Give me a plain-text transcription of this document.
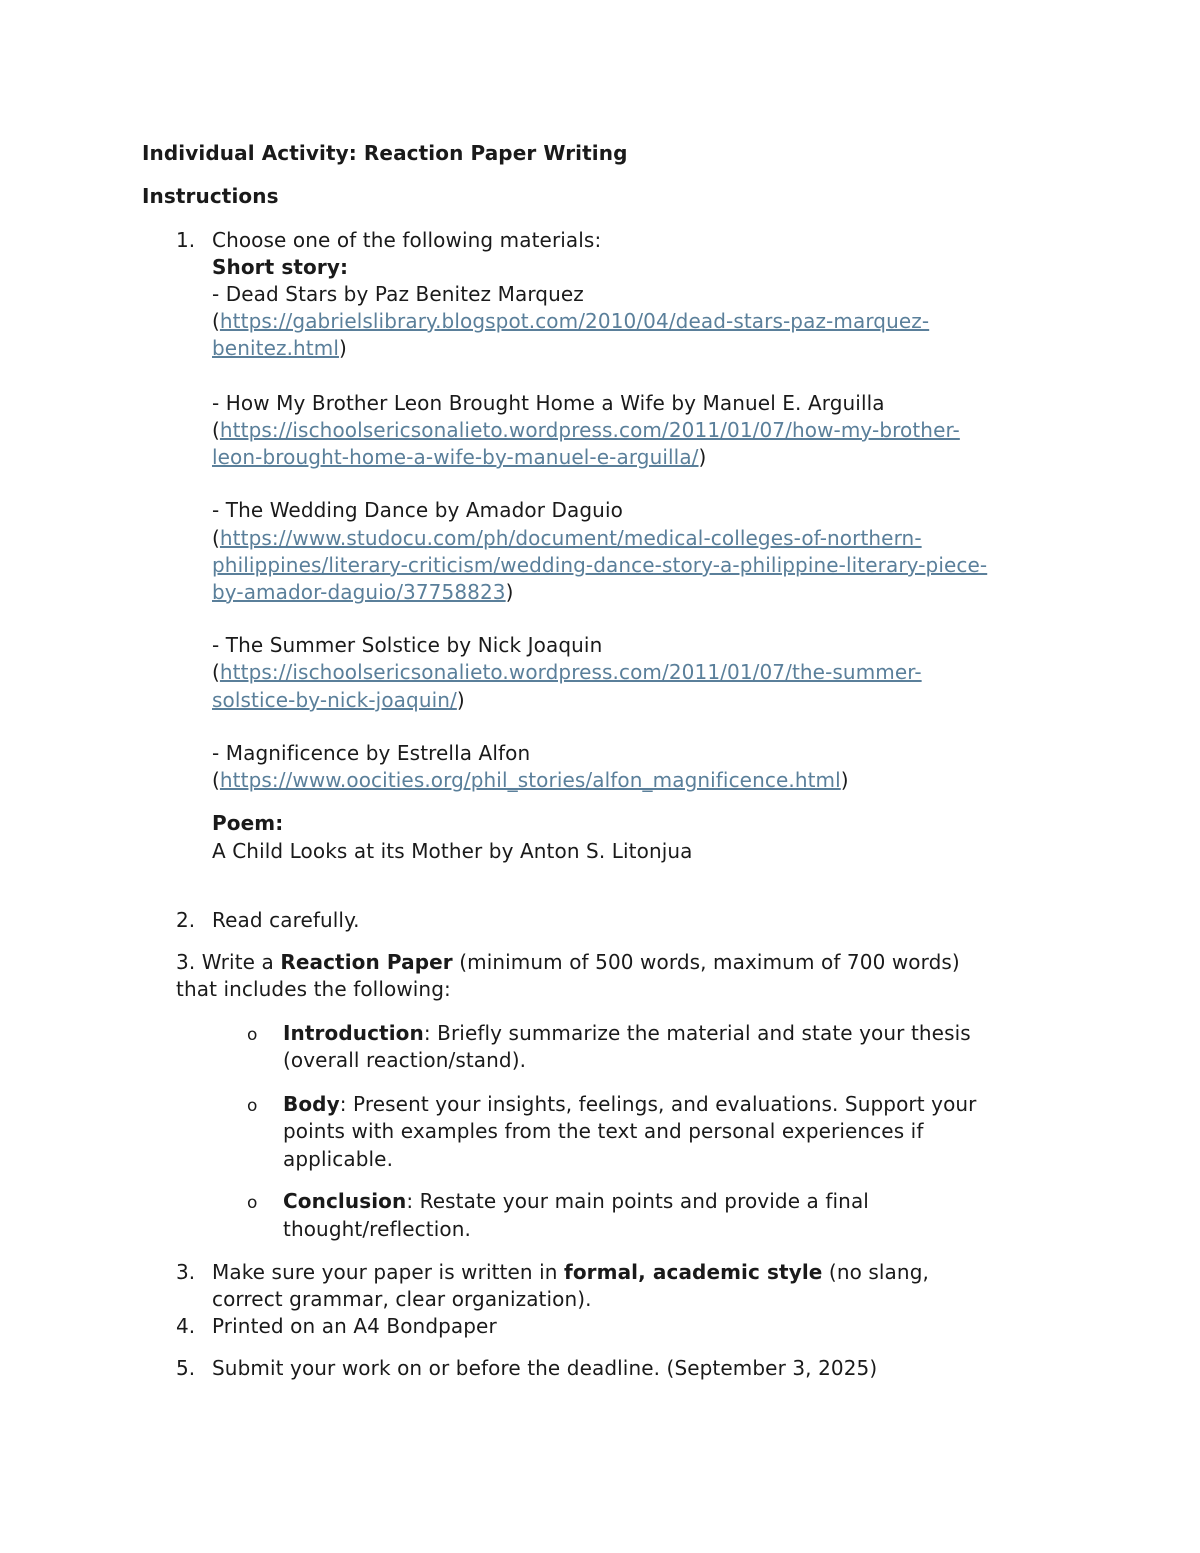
Individual Activity: Reaction Paper Writing
Instructions
1. Choose one of the following materials:
Short story:
- Dead Stars by Paz Benitez Marquez
(https://gabrielslibrary.blogspot.com/2010/04/dead-stars-paz-marquez-
benitez.html)
- How My Brother Leon Brought Home a Wife by Manuel E. Arguilla
(https://ischoolsericsonalieto.wordpress.com/2011/01/07/how-my-brother-
leon-brought-home-a-wife-by-manuel-e-arguilla/)
- The Wedding Dance by Amador Daguio
(https://www.studocu.com/ph/document/medical-colleges-of-northern-
philippines/literary-criticism/wedding-dance-story-a-philippine-literary-piece-
by-amador-daguio/37758823)
- The Summer Solstice by Nick Joaquin
(https://ischoolsericsonalieto.wordpress.com/2011/01/07/the-summer-
solstice-by-nick-joaquin/)
- Magnificence by Estrella Alfon
(https://www.oocities.org/phil_stories/alfon_magnificence.html)
Poem:
A Child Looks at its Mother by Anton S. Litonjua
2. Read carefully.
3. Write a Reaction Paper (minimum of 500 words, maximum of 700 words)
that includes the following:
o Introduction: Briefly summarize the material and state your thesis
(overall reaction/stand).
o Body: Present your insights, feelings, and evaluations. Support your
points with examples from the text and personal experiences if
applicable.
o Conclusion: Restate your main points and provide a final
thought/reflection.
3. Make sure your paper is written in formal, academic style (no slang,
correct grammar, clear organization).
4. Printed on an A4 Bondpaper
5. Submit your work on or before the deadline. (September 3, 2025)
